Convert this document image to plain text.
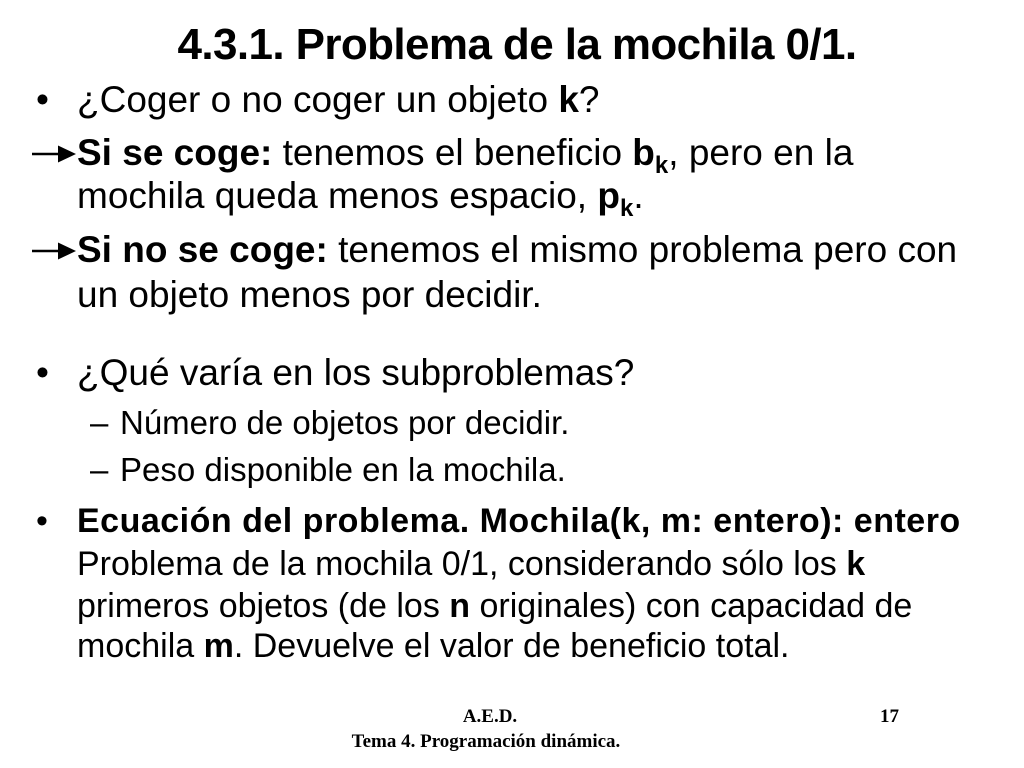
4.3.1. Problema de la mochila 0/1.
• ¿Coger o no coger un objeto k?
Si se coge: tenemos el beneficio $b_k$, pero en la
mochila queda menos espacio, $p_k$.
Si no se coge: tenemos el mismo problema pero con
un objeto menos por decidir.
• ¿Qué varía en los subproblemas?
– Número de objetos por decidir.
– Peso disponible en la mochila.
• Ecuación del problema. Mochila(k, m: entero): entero
Problema de la mochila 0/1, considerando sólo los k
primeros objetos (de los n originales) con capacidad de
mochila m. Devuelve el valor de beneficio total.
A.E.D.	17
Tema 4. Programación dinámica.
